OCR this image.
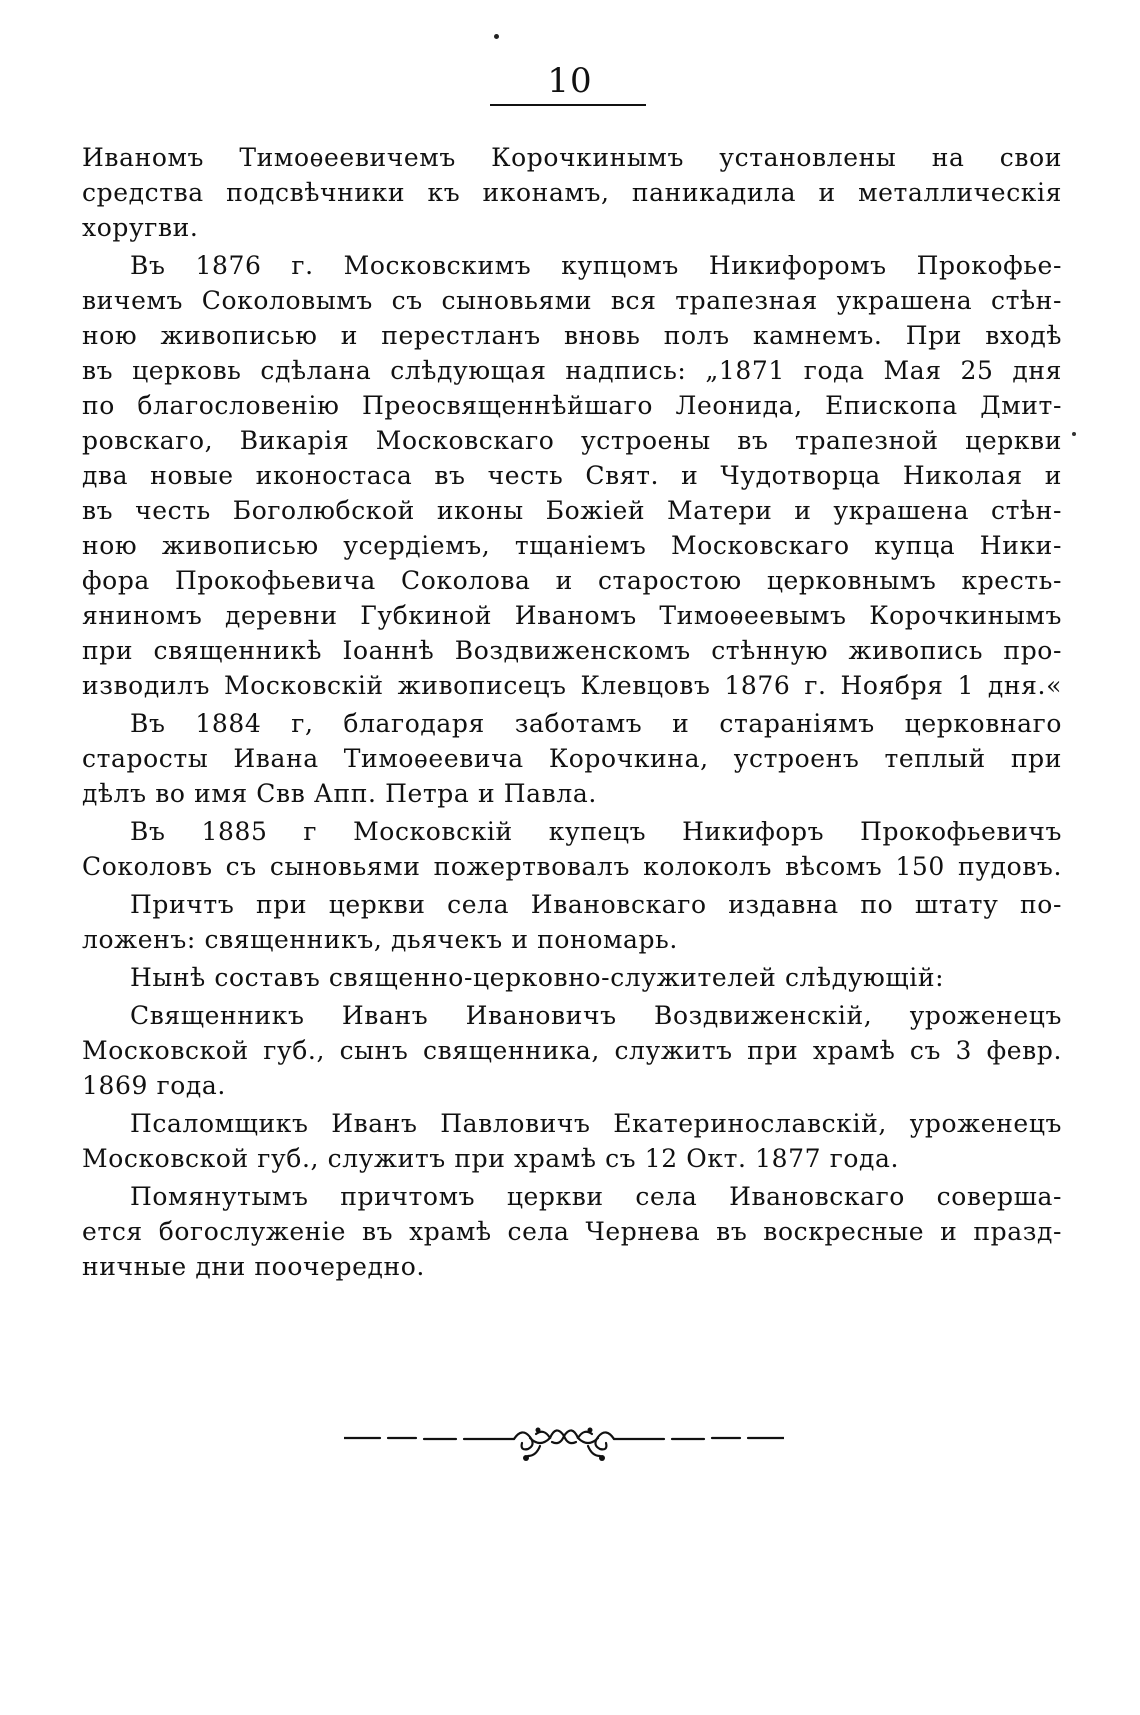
10
Иваномъ Тимоѳеевичемъ Корочкинымъ установлены на свои
средства подсвѣчники къ иконамъ, паникадила и металлическія
хоругви.
Въ 1876 г. Московскимъ купцомъ Никифоромъ Прокофье-
вичемъ Соколовымъ съ сыновьями вся трапезная украшена стѣн-
ною живописью и перестланъ вновь полъ камнемъ. При входѣ
въ церковь сдѣлана слѣдующая надпись: „1871 года Мая 25 дня
по благословенію Преосвященнѣйшаго Леонида, Епископа Дмит-
ровскаго, Викарія Московскаго устроены въ трапезной церкви
два новые иконостаса въ честь Свят. и Чудотворца Николая и
въ честь Боголюбской иконы Божіей Матери и украшена стѣн-
ною живописью усердіемъ, тщаніемъ Московскаго купца Ники-
фора Прокофьевича Соколова и старостою церковнымъ кресть-
яниномъ деревни Губкиной Иваномъ Тимоѳеевымъ Корочкинымъ
при священникѣ Іоаннѣ Воздвиженскомъ стѣнную живопись про-
изводилъ Московскій живописецъ Клевцовъ 1876 г. Ноября 1 дня.«
Въ 1884 г, благодаря заботамъ и стараніямъ церковнаго
старосты Ивана Тимоѳеевича Корочкина, устроенъ теплый при
дѣлъ во имя Свв Апп. Петра и Павла.
Въ 1885 г Московскій купецъ Никифоръ Прокофьевичъ
Соколовъ съ сыновьями пожертвовалъ колоколъ вѣсомъ 150 пудовъ.
Причтъ при церкви села Ивановскаго издавна по штату по-
ложенъ: священникъ, дьячекъ и пономарь.
Нынѣ составъ священно-церковно-служителей слѣдующій:
Священникъ Иванъ Ивановичъ Воздвиженскій, уроженецъ
Московской губ., сынъ священника, служитъ при храмѣ съ 3 февр.
1869 года.
Псаломщикъ Иванъ Павловичъ Екатеринославскій, уроженецъ
Московской губ., служитъ при храмѣ съ 12 Окт. 1877 года.
Помянутымъ причтомъ церкви села Ивановскаго соверша-
ется богослуженіе въ храмѣ села Чернева въ воскресные и празд-
ничные дни поочередно.
